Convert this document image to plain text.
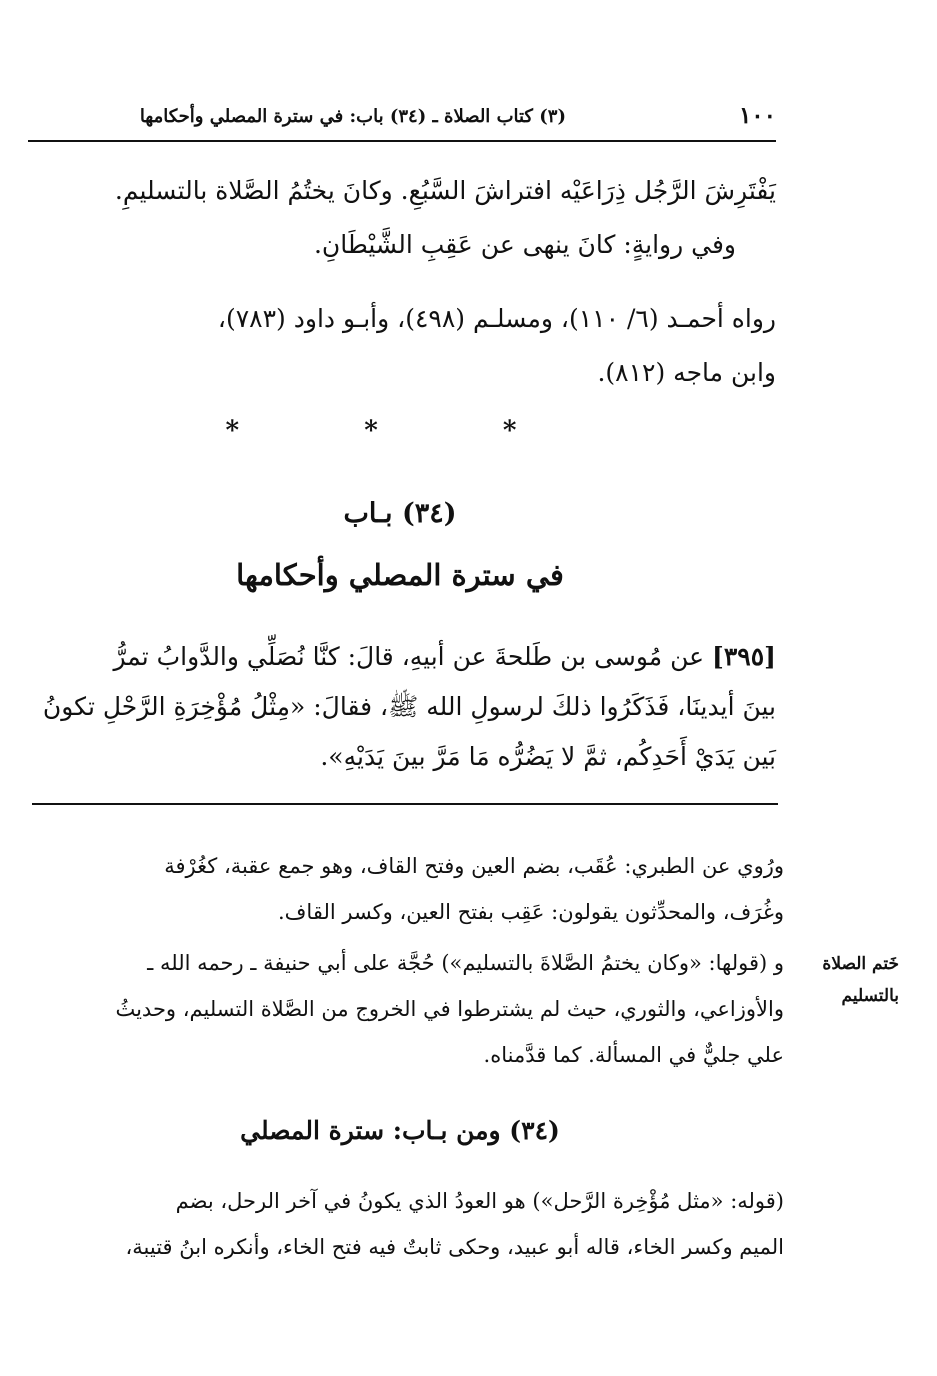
١٠٠
(٣) كتاب الصلاة ـ (٣٤) باب: في سترة المصلي وأحكامها

يَفْتَرِشَ الرَّجُل ذِرَاعَيْه افتراشَ السَّبُعِ. وكانَ يختُمُ الصَّلاة بالتسليمِ.

وفي روايةٍ: كانَ ينهى عن عَقِبِ الشَّيْطَانِ.

رواه أحمـد (٦/ ١١٠)، ومسلـم (٤٩٨)، وأبـو داود (٧٨٣)،

وابن ماجه (٨١٢).

* * *
(٣٤) بـاب
في سترة المصلي وأحكامها

[٣٩٥] عن مُوسى بن طَلحةَ عن أبيهِ، قالَ: كنَّا نُصَلِّي والدَّوابُ تمرُّ

بينَ أيدينَا، فَذَكَرُوا ذلكَ لرسولِ الله ﷺ، فقالَ: «مِثْلُ مُؤْخِرَةِ الرَّحْلِ تكونُ

بَين يَدَيْ أَحَدِكُم، ثمَّ لا يَضُرُّه مَا مَرَّ بينَ يَدَيْهِ».

ورُوي عن الطبري: عُقَب، بضم العين وفتح القاف، وهو جمع عقبة، كغُرْفة

وغُرَف، والمحدِّثون يقولون: عَقِب بفتح العين، وكسر القاف.

خَتم الصلاة

بالتسليم

و (قولها: «وكان يختمُ الصَّلاةَ بالتسليم») حُجَّة على أبي حنيفة ـ رحمه الله ـ

والأوزاعي، والثوري، حيث لم يشترطوا في الخروج من الصَّلاة التسليم، وحديثُ

علي جليٌّ في المسألة. كما قدَّمناه.

(٣٤) ومن بـاب: سترة المصلي

(قوله: «مثل مُؤْخِرة الرَّحل») هو العودُ الذي يكونُ في آخر الرحل، بضم

الميم وكسر الخاء، قاله أبو عبيد، وحكى ثابتٌ فيه فتح الخاء، وأنكره ابنُ قتيبة،
